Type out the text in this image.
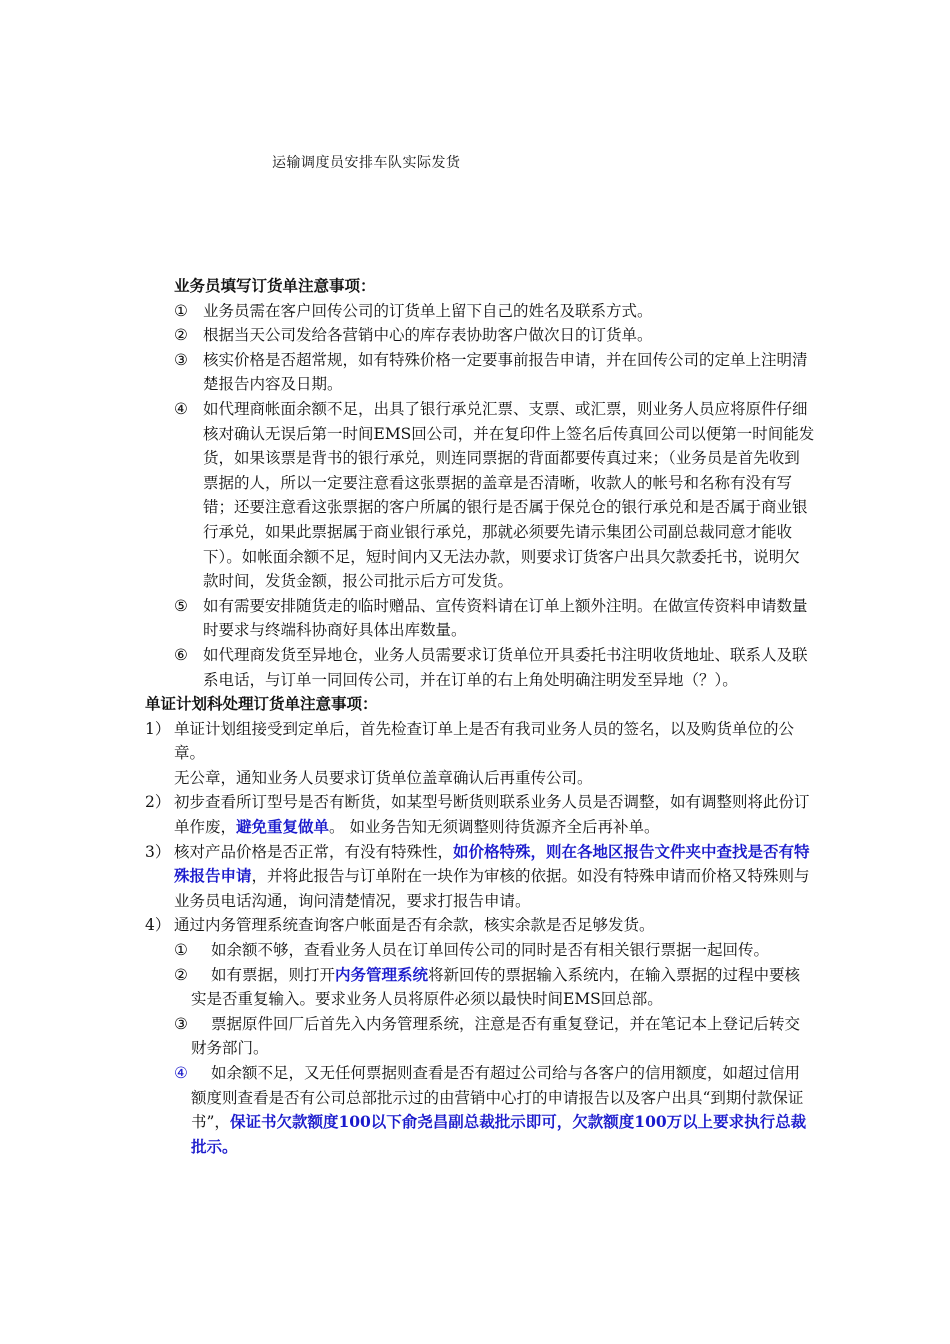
运输调度员安排车队实际发货
业务员填写订货单注意事项：
① 业务员需在客户回传公司的订货单上留下自己的姓名及联系方式。
② 根据当天公司发给各营销中心的库存表协助客户做次日的订货单。
③ 核实价格是否超常规，如有特殊价格一定要事前报告申请，并在回传公司的定单上注明清楚报告内容及日期。
④ 如代理商帐面余额不足，出具了银行承兑汇票、支票、或汇票，则业务人员应将原件仔细核对确认无误后第一时间EMS回公司，并在复印件上签名后传真回公司以便第一时间能发货，如果该票是背书的银行承兑，则连同票据的背面都要传真过来；（业务员是首先收到票据的人，所以一定要注意看这张票据的盖章是否清晰，收款人的帐号和名称有没有写错；还要注意看这张票据的客户所属的银行是否属于保兑仓的银行承兑和是否属于商业银行承兑，如果此票据属于商业银行承兑，那就必须要先请示集团公司副总裁同意才能收下）。如帐面余额不足，短时间内又无法办款，则要求订货客户出具欠款委托书，说明欠款时间，发货金额，报公司批示后方可发货。
⑤ 如有需要安排随货走的临时赠品、宣传资料请在订单上额外注明。在做宣传资料申请数量时要求与终端科协商好具体出库数量。
⑥ 如代理商发货至异地仓，业务人员需要求订货单位开具委托书注明收货地址、联系人及联系电话，与订单一同回传公司，并在订单的右上角处明确注明发至异地（？）。
单证计划科处理订货单注意事项：
1） 单证计划组接受到定单后，首先检查订单上是否有我司业务人员的签名，以及购货单位的公章。
无公章，通知业务人员要求订货单位盖章确认后再重传公司。
2） 初步查看所订型号是否有断货，如某型号断货则联系业务人员是否调整，如有调整则将此份订单作废，避免重复做单。 如业务告知无须调整则待货源齐全后再补单。
3） 核对产品价格是否正常，有没有特殊性，如价格特殊，则在各地区报告文件夹中查找是否有特殊报告申请，并将此报告与订单附在一块作为审核的依据。如没有特殊申请而价格又特殊则与业务员电话沟通，询问清楚情况，要求打报告申请。
4） 通过内务管理系统查询客户帐面是否有余款，核实余款是否足够发货。
①	如余额不够，查看业务人员在订单回传公司的同时是否有相关银行票据一起回传。
②	如有票据，则打开内务管理系统将新回传的票据输入系统内，在输入票据的过程中要核实是否重复输入。要求业务人员将原件必须以最快时间EMS回总部。
③	票据原件回厂后首先入内务管理系统，注意是否有重复登记，并在笔记本上登记后转交财务部门。
④	如余额不足，又无任何票据则查看是否有超过公司给与各客户的信用额度，如超过信用额度则查看是否有公司总部批示过的由营销中心打的申请报告以及客户出具“到期付款保证书”，保证书欠款额度100以下俞尧昌副总裁批示即可，欠款额度100万以上要求执行总裁批示。
